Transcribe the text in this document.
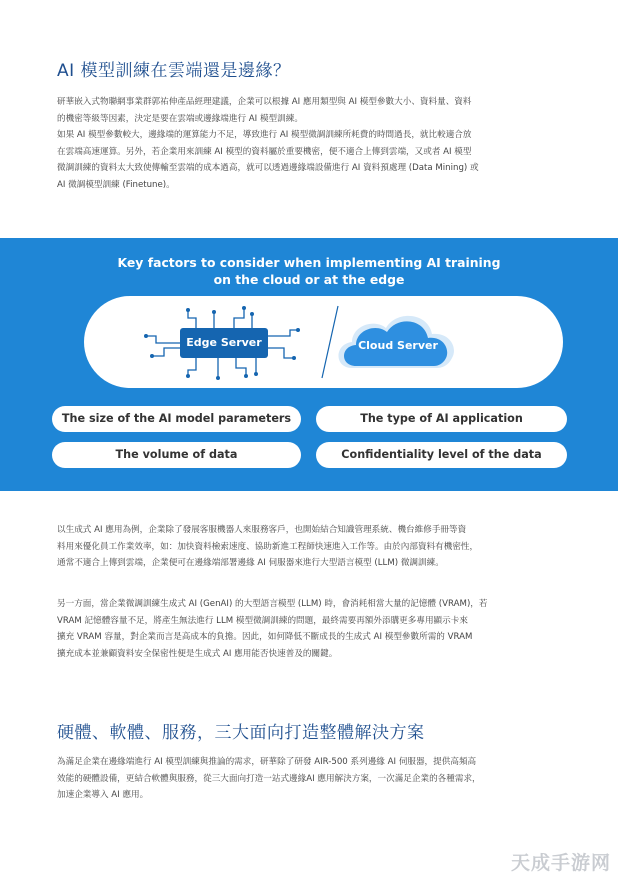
AI 模型訓練在雲端還是邊緣？

研華嵌入式物聯網事業群郭祐伸產品經理建議，企業可以根據 AI 應用類型與 AI 模型參數大小、資料量、資料

的機密等級等因素，決定是要在雲端或邊緣端進行 AI 模型訓練。

如果 AI 模型參數較大，邊緣端的運算能力不足，導致進行 AI 模型微調訓練所耗費的時間過長，就比較適合放

在雲端高速運算。另外，若企業用來訓練 AI 模型的資料屬於重要機密，便不適合上傳到雲端，又或者 AI 模型

微調訓練的資料太大致使傳輸至雲端的成本過高，就可以透過邊緣端設備進行 AI 資料預處理 (Data Mining) 或

AI 微調模型訓練 (Finetune)。

Key factors to consider when implementing AI training
on the cloud or at the edge
Edge Server	Cloud Server
The size of the AI model parameters	The type of AI application
The volume of data	Confidentiality level of the data

以生成式 AI 應用為例，企業除了發展客服機器人來服務客戶，也開始結合知識管理系統、機台維修手冊等資

料用來優化員工作業效率，如：加快資料檢索速度、協助新進工程師快速進入工作等。由於內部資料有機密性，

通常不適合上傳到雲端，企業便可在邊緣端部署邊緣 AI 伺服器來進行大型語言模型 (LLM) 微調訓練。

另一方面，當企業微調訓練生成式 AI (GenAI) 的大型語言模型 (LLM) 時，會消耗相當大量的記憶體 (VRAM)，若

VRAM 記憶體容量不足，將產生無法進行 LLM 模型微調訓練的問題，最終需要再額外添購更多專用顯示卡來

擴充 VRAM 容量，對企業而言是高成本的負擔。因此，如何降低不斷成長的生成式 AI 模型參數所需的 VRAM

擴充成本並兼顧資料安全保密性便是生成式 AI 應用能否快速普及的關鍵。

硬體、軟體、服務，三大面向打造整體解決方案

為滿足企業在邊緣端進行 AI 模型訓練與推論的需求，研華除了研發 AIR-500 系列邊緣 AI 伺服器，提供高頻高

效能的硬體設備，更結合軟體與服務，從三大面向打造一站式邊緣AI 應用解決方案，一次滿足企業的各種需求，

加速企業導入 AI 應用。

天成手游网
